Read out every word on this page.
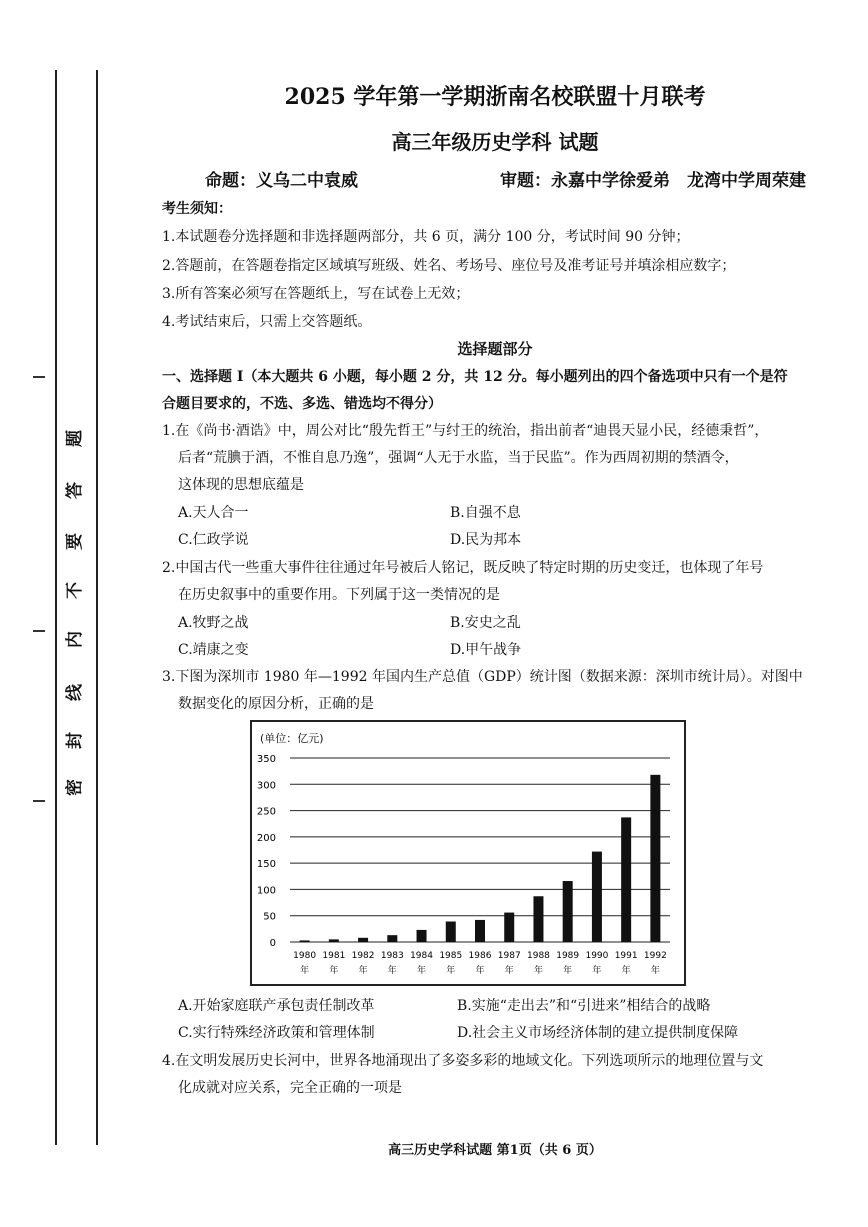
密
封
线
内
不
要
答
题
2025 学年第一学期浙南名校联盟十月联考
高三年级历史学科 试题
命题：义乌二中袁威	审题：永嘉中学徐爱弟　龙湾中学周荣建
考生须知：
1.本试题卷分选择题和非选择题两部分，共 6 页，满分 100 分，考试时间 90 分钟；
2.答题前，在答题卷指定区域填写班级、姓名、考场号、座位号及准考证号并填涂相应数字；
3.所有答案必须写在答题纸上，写在试卷上无效；
4.考试结束后，只需上交答题纸。
选择题部分
一、选择题 I（本大题共 6 小题，每小题 2 分，共 12 分。每小题列出的四个备选项中只有一个是符
合题目要求的，不选、多选、错选均不得分）
1.在《尚书·酒诰》中，周公对比“殷先哲王”与纣王的统治，指出前者“迪畏天显小民，经德秉哲”，
后者“荒腆于酒，不惟自息乃逸”，强调“人无于水监，当于民监”。作为西周初期的禁酒令，
这体现的思想底蕴是
A.天人合一	B.自强不息
C.仁政学说	D.民为邦本
2.中国古代一些重大事件往往通过年号被后人铭记，既反映了特定时期的历史变迁，也体现了年号
在历史叙事中的重要作用。下列属于这一类情况的是
A.牧野之战	B.安史之乱
C.靖康之变	D.甲午战争
3.下图为深圳市 1980 年—1992 年国内生产总值（GDP）统计图（数据来源：深圳市统计局）。对图中
数据变化的原因分析，正确的是
(单位：亿元)
0
50
100
150
200
250
300
350
1980
年
1981
年
1982
年
1983
年
1984
年
1985
年
1986
年
1987
年
1988
年
1989
年
1990
年
1991
年
1992
年
A.开始家庭联产承包责任制改革	B.实施“走出去”和“引进来”相结合的战略
C.实行特殊经济政策和管理体制	D.社会主义市场经济体制的建立提供制度保障
4.在文明发展历史长河中，世界各地涌现出了多姿多彩的地域文化。下列选项所示的地理位置与文
化成就对应关系，完全正确的一项是
高三历史学科试题 第1页（共 6 页）
